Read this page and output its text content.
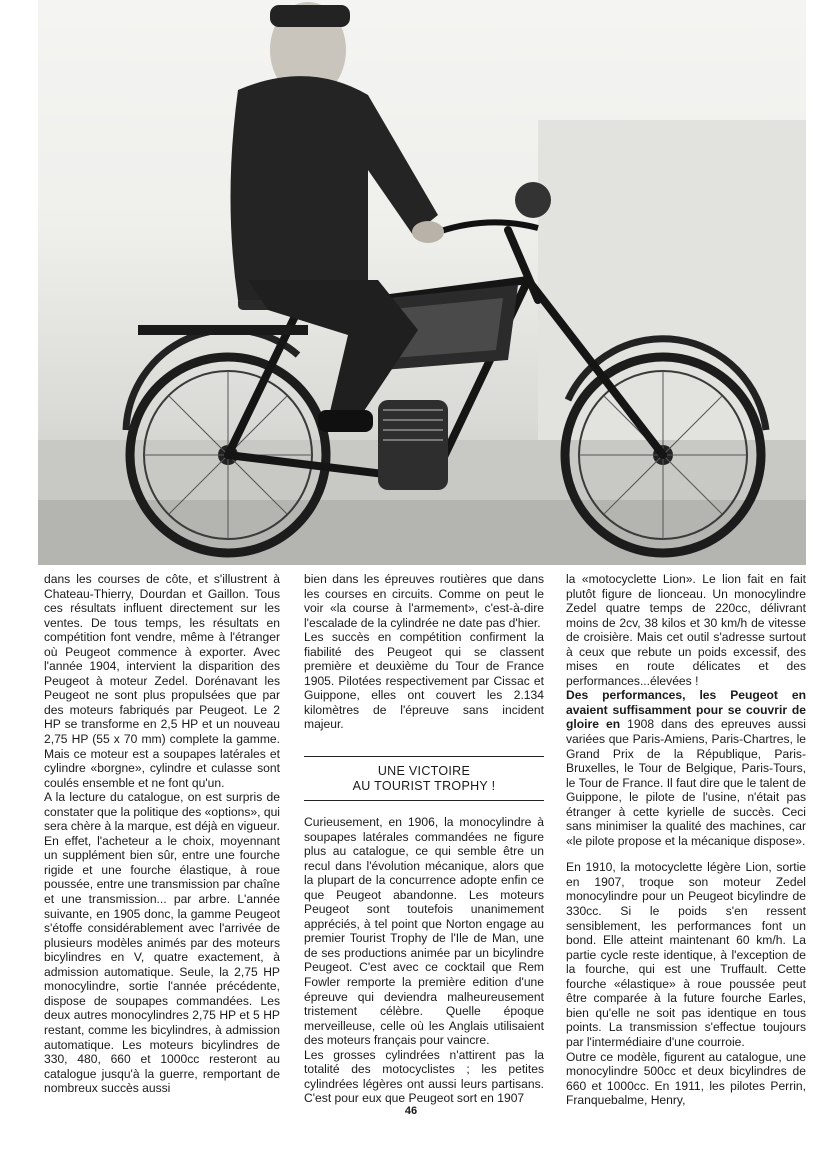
dans les courses de côte, et s'illustrent à Chateau-Thierry, Dourdan et Gaillon. Tous ces résultats influent directement sur les ventes. De tous temps, les résultats en compétition font vendre, même à l'étranger où Peugeot commence à exporter. Avec l'année 1904, intervient la disparition des Peugeot à moteur Zedel. Dorénavant les Peugeot ne sont plus propulsées que par des moteurs fabriqués par Peugeot. Le 2 HP se transforme en 2,5 HP et un nouveau 2,75 HP (55 x 70 mm) complete la gamme. Mais ce moteur est a soupapes latérales et cylindre «borgne», cylindre et culasse sont coulés ensemble et ne font qu'un.

A la lecture du catalogue, on est surpris de constater que la politique des «options», qui sera chère à la marque, est déjà en vigueur. En effet, l'acheteur a le choix, moyennant un supplément bien sûr, entre une fourche rigide et une fourche élastique, à roue poussée, entre une transmission par chaîne et une transmission... par arbre. L'année suivante, en 1905 donc, la gamme Peugeot s'étoffe considérablement avec l'arrivée de plusieurs modèles animés par des moteurs bicylindres en V, quatre exactement, à admission automatique. Seule, la 2,75 HP monocylindre, sortie l'année précédente, dispose de soupapes commandées. Les deux autres monocylindres 2,75 HP et 5 HP restant, comme les bicylindres, à admission automatique. Les moteurs bicylindres de 330, 480, 660 et 1000cc resteront au catalogue jusqu'à la guerre, remportant de nombreux succès aussi

bien dans les épreuves routières que dans les courses en circuits. Comme on peut le voir «la course à l'armement», c'est-à-dire l'escalade de la cylindrée ne date pas d'hier.

Les succès en compétition confirment la fiabilité des Peugeot qui se classent première et deuxième du Tour de France 1905. Pilotées respectivement par Cissac et Guippone, elles ont couvert les 2.134 kilomètres de l'épreuve sans incident majeur.

UNE VICTOIRE
AU TOURIST TROPHY !

Curieusement, en 1906, la monocylindre à soupapes latérales commandées ne figure plus au catalogue, ce qui semble être un recul dans l'évolution mécanique, alors que la plupart de la concurrence adopte enfin ce que Peugeot abandonne. Les moteurs Peugeot sont toutefois unanimement appréciés, à tel point que Norton engage au premier Tourist Trophy de l'Ile de Man, une de ses productions animée par un bicylindre Peugeot. C'est avec ce cocktail que Rem Fowler remporte la première edition d'une épreuve qui deviendra malheureusement tristement célèbre. Quelle époque merveilleuse, celle où les Anglais utilisaient des moteurs français pour vaincre.

Les grosses cylindrées n'attirent pas la totalité des motocyclistes ; les petites cylindrées légères ont aussi leurs partisans. C'est pour eux que Peugeot sort en 1907

la «motocyclette Lion». Le lion fait en fait plutôt figure de lionceau. Un monocylindre Zedel quatre temps de 220cc, délivrant moins de 2cv, 38 kilos et 30 km/h de vitesse de croisière. Mais cet outil s'adresse surtout à ceux que rebute un poids excessif, des mises en route délicates et des performances...élevées !

Des performances, les Peugeot en avaient suffisamment pour se couvrir de gloire en 1908 dans des epreuves aussi variées que Paris-Amiens, Paris-Chartres, le Grand Prix de la République, Paris-Bruxelles, le Tour de Belgique, Paris-Tours, le Tour de France. Il faut dire que le talent de Guippone, le pilote de l'usine, n'était pas étranger à cette kyrielle de succès. Ceci sans minimiser la qualité des machines, car «le pilote propose et la mécanique dispose».

En 1910, la motocyclette légère Lion, sortie en 1907, troque son moteur Zedel monocylindre pour un Peugeot bicylindre de 330cc. Si le poids s'en ressent sensiblement, les performances font un bond. Elle atteint maintenant 60 km/h. La partie cycle reste identique, à l'exception de la fourche, qui est une Truffault. Cette fourche «élastique» à roue poussée peut être comparée à la future fourche Earles, bien qu'elle ne soit pas identique en tous points. La transmission s'effectue toujours par l'intermédiaire d'une courroie.

Outre ce modèle, figurent au catalogue, une monocylindre 500cc et deux bicylindres de 660 et 1000cc. En 1911, les pilotes Perrin, Franquebalme, Henry,

46
